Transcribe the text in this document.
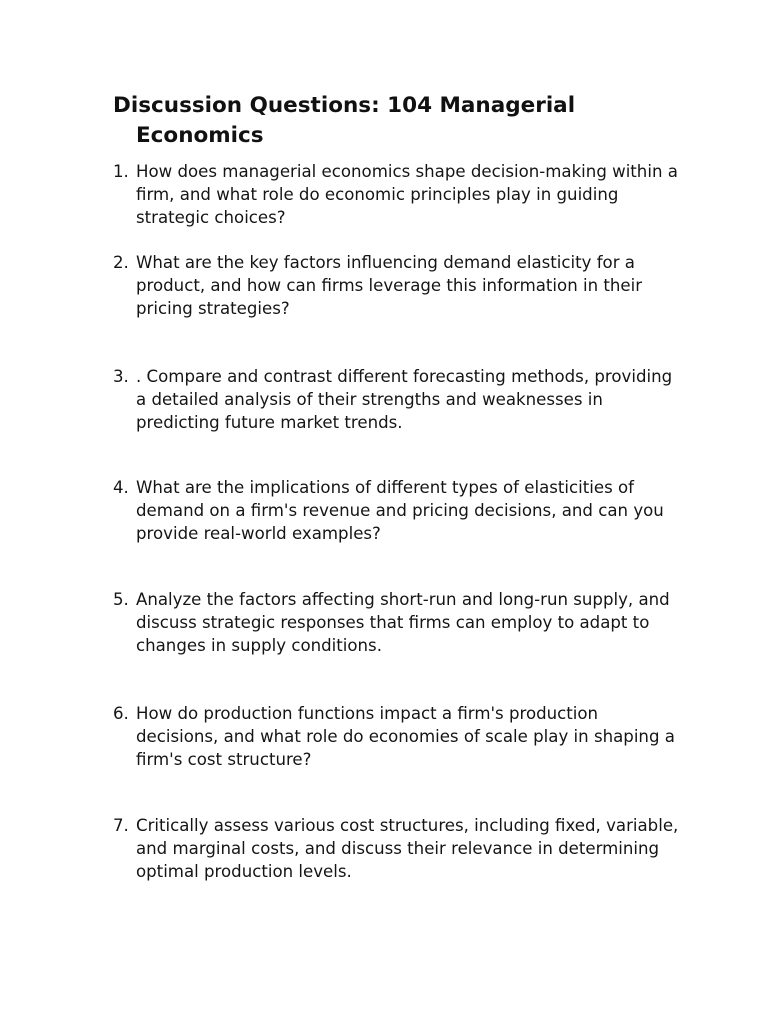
Discussion Questions: 104 Managerial Economics
1. How does managerial economics shape decision-making within a firm, and what role do economic principles play in guiding strategic choices?
2. What are the key factors influencing demand elasticity for a product, and how can firms leverage this information in their pricing strategies?
3. . Compare and contrast different forecasting methods, providing a detailed analysis of their strengths and weaknesses in predicting future market trends.
4. What are the implications of different types of elasticities of demand on a firm's revenue and pricing decisions, and can you provide real-world examples?
5. Analyze the factors affecting short-run and long-run supply, and discuss strategic responses that firms can employ to adapt to changes in supply conditions.
6. How do production functions impact a firm's production decisions, and what role do economies of scale play in shaping a firm's cost structure?
7. Critically assess various cost structures, including fixed, variable, and marginal costs, and discuss their relevance in determining optimal production levels.
